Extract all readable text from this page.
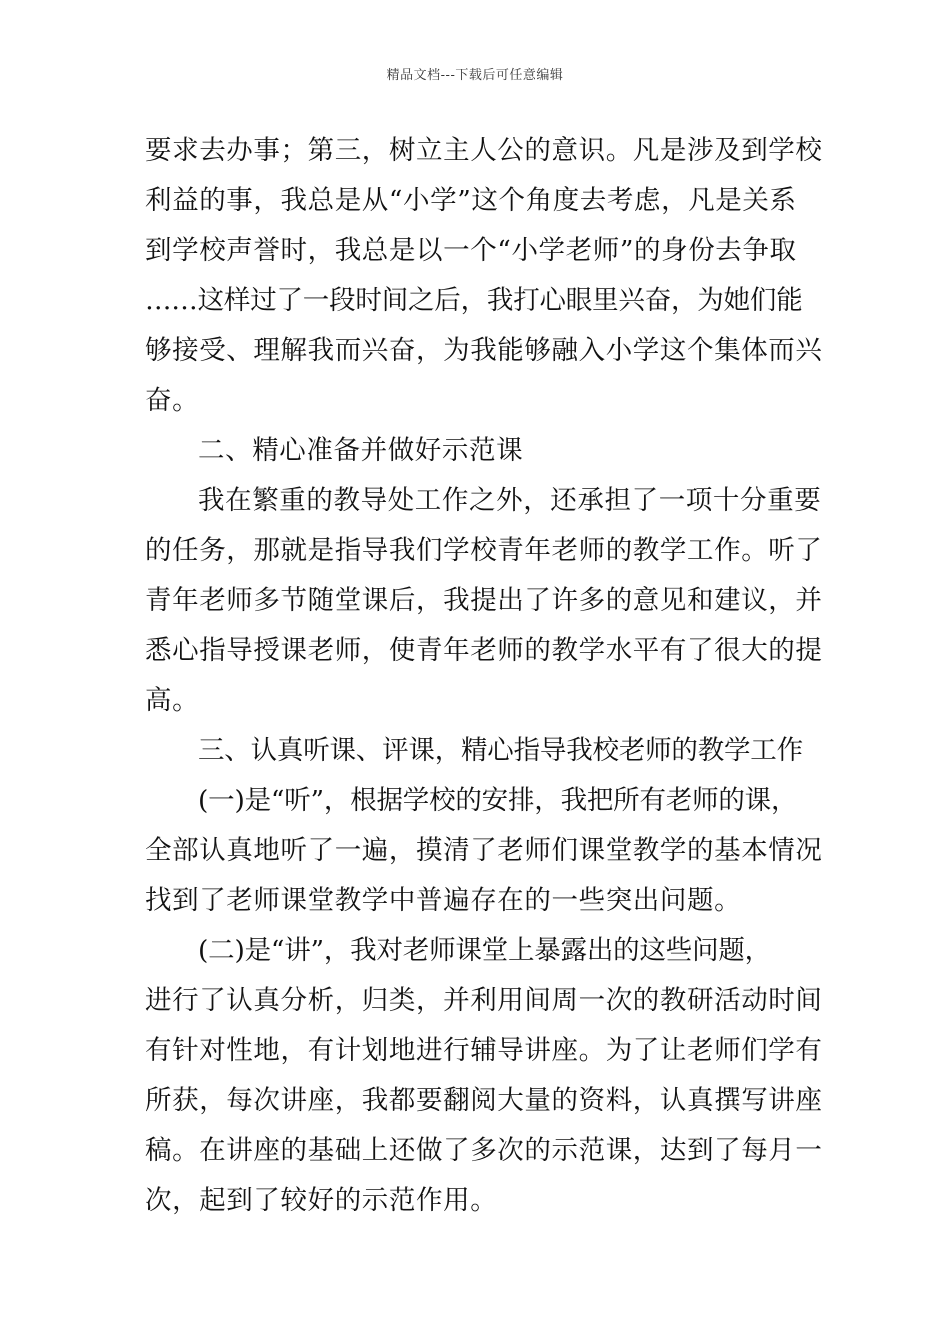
精品文档---下载后可任意编辑
要求去办事；第三，树立主人公的意识。凡是涉及到学校
利益的事，我总是从“小学”这个角度去考虑，凡是关系
到学校声誉时，我总是以一个“小学老师”的身份去争取
……这样过了一段时间之后，我打心眼里兴奋，为她们能
够接受、理解我而兴奋，为我能够融入小学这个集体而兴
奋。
二、精心准备并做好示范课
我在繁重的教导处工作之外，还承担了一项十分重要
的任务，那就是指导我们学校青年老师的教学工作。听了
青年老师多节随堂课后，我提出了许多的意见和建议，并
悉心指导授课老师，使青年老师的教学水平有了很大的提
高。
三、认真听课、评课，精心指导我校老师的教学工作
(一)是“听”，根据学校的安排，我把所有老师的课，
全部认真地听了一遍，摸清了老师们课堂教学的基本情况
找到了老师课堂教学中普遍存在的一些突出问题。
(二)是“讲”，我对老师课堂上暴露出的这些问题，
进行了认真分析，归类，并利用间周一次的教研活动时间
有针对性地，有计划地进行辅导讲座。为了让老师们学有
所获，每次讲座，我都要翻阅大量的资料，认真撰写讲座
稿。在讲座的基础上还做了多次的示范课，达到了每月一
次，起到了较好的示范作用。
